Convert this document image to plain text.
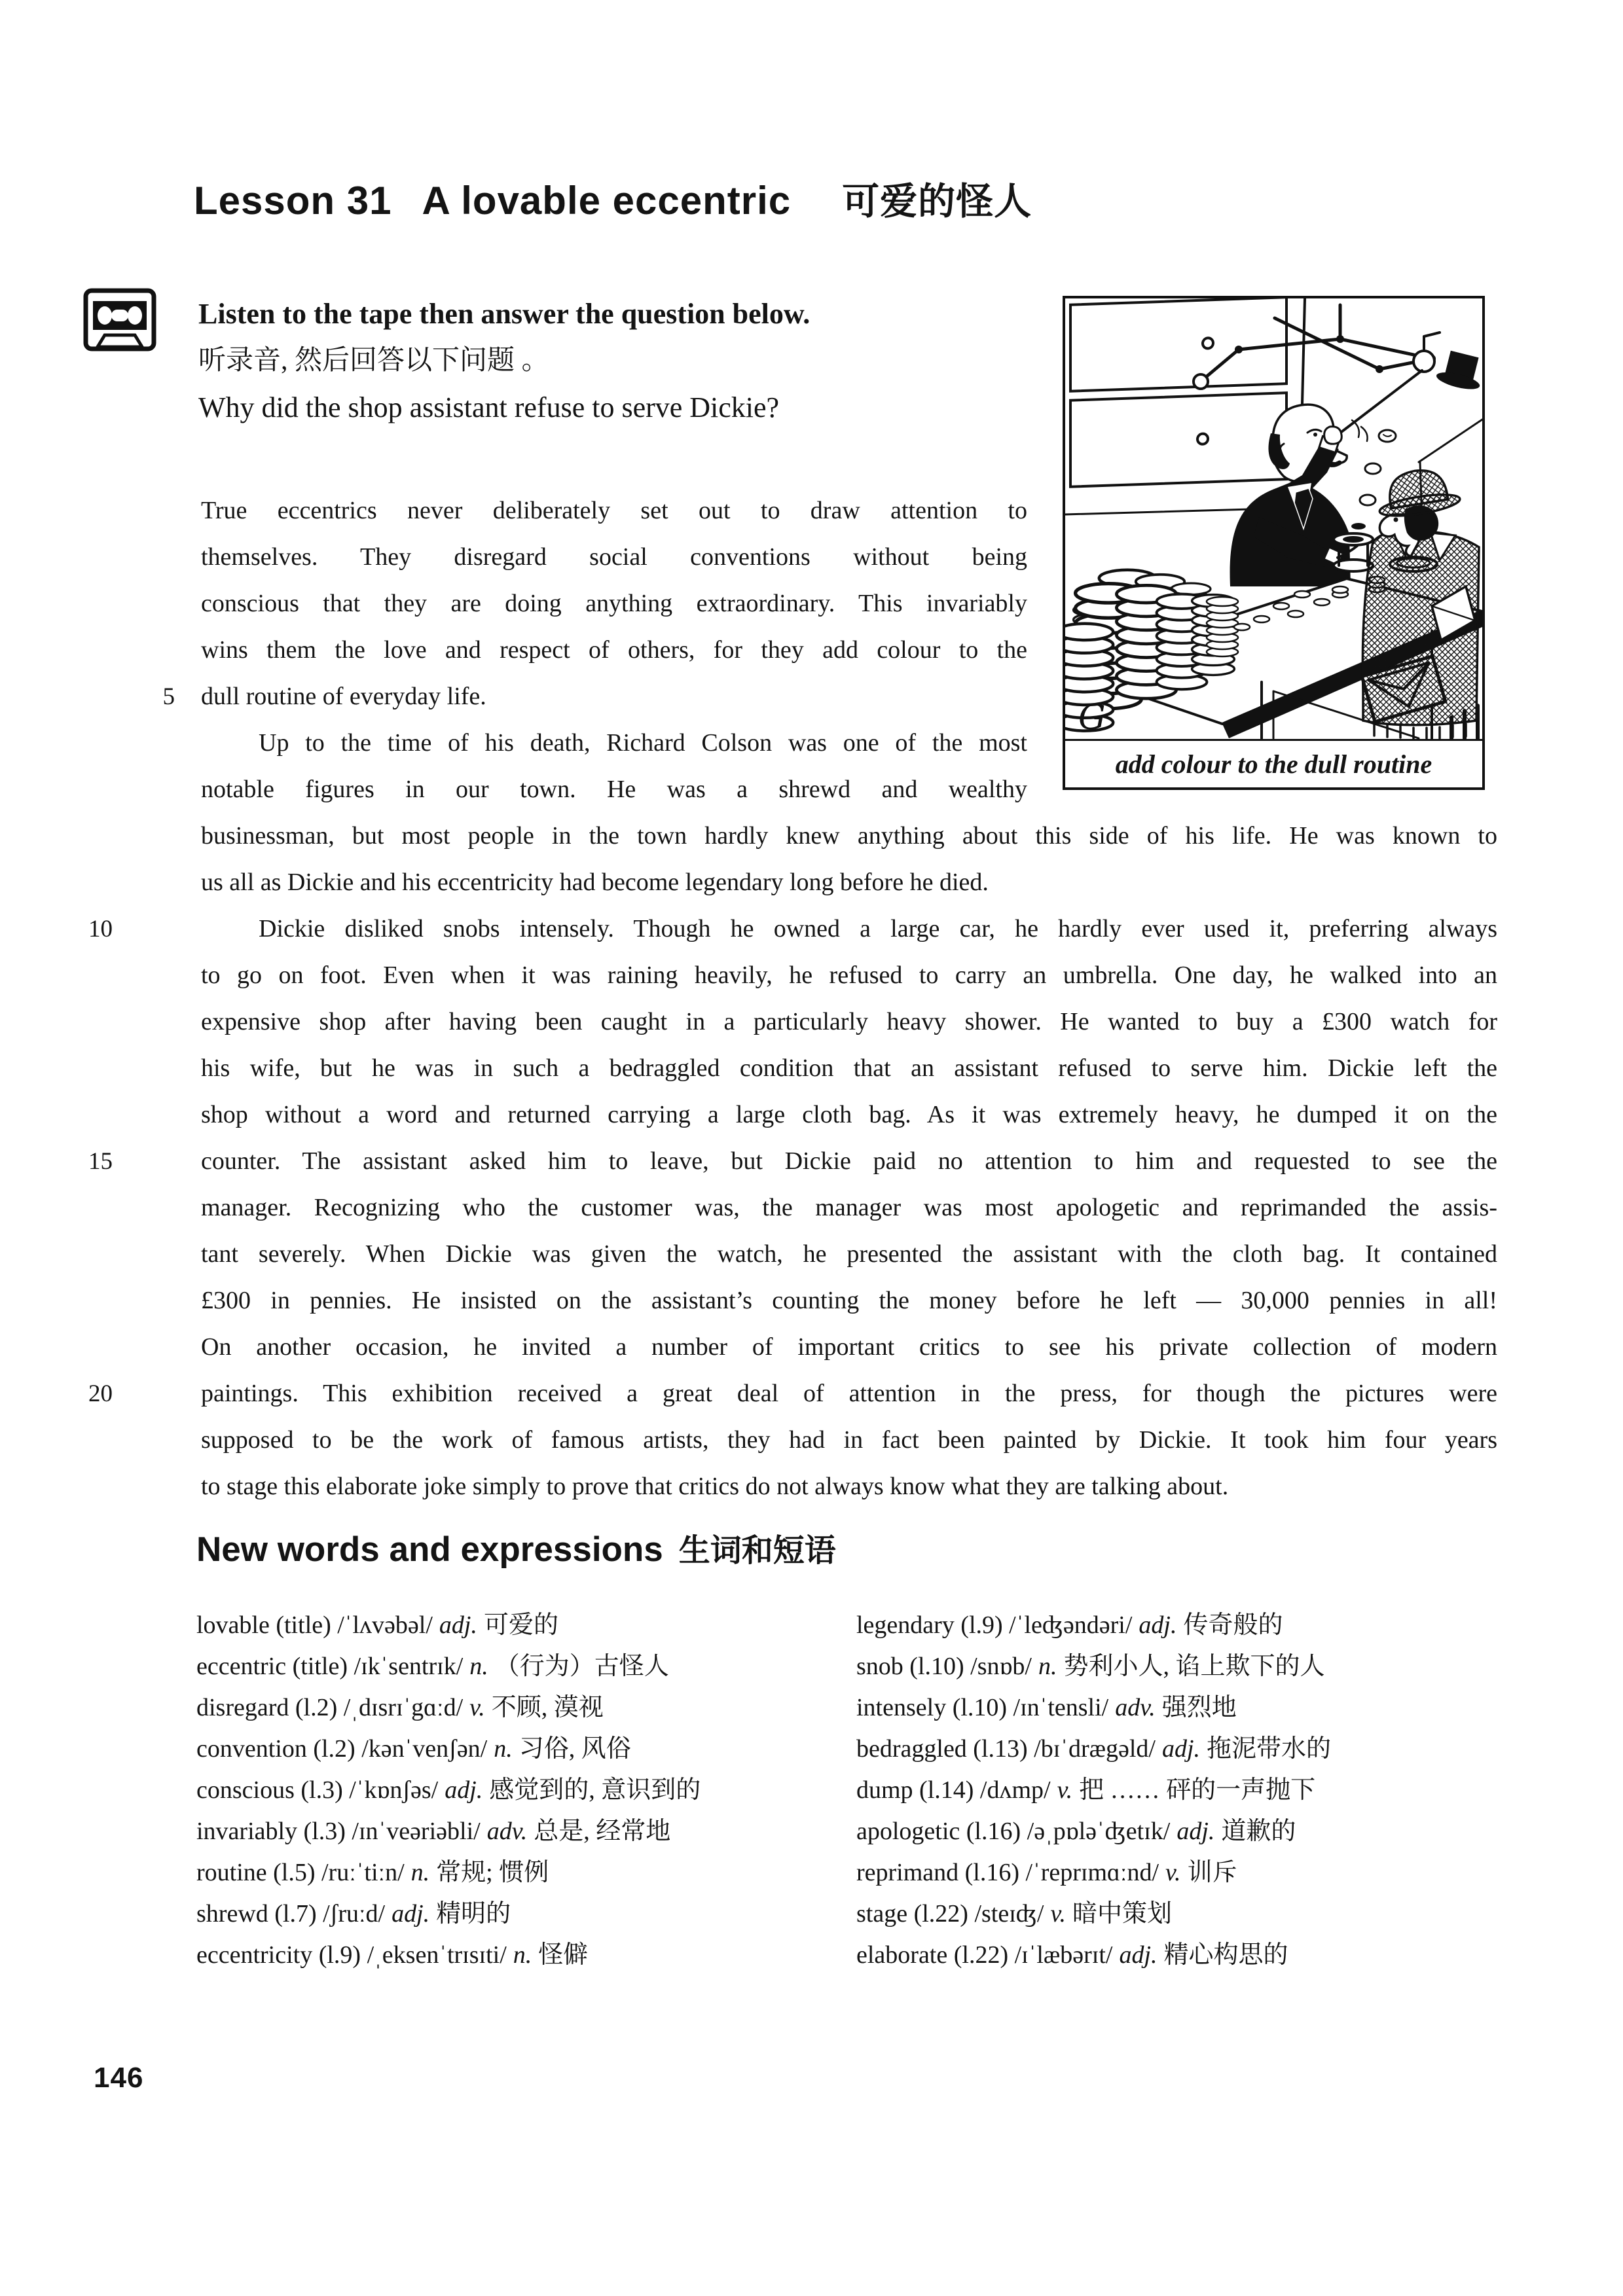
Lesson 31 A lovable eccentric 可爱的怪人
Listen to the tape then answer the question below.
听录音, 然后回答以下问题 。
Why did the shop assistant refuse to serve Dickie?
G
add colour to the dull routine
True eccentrics never deliberately set out to draw attention to
themselves. They disregard social conventions without being
conscious that they are doing anything extraordinary. This invariably
wins them the love and respect of others, for they add colour to the
5 dull routine of everyday life.
Up to the time of his death, Richard Colson was one of the most
notable figures in our town. He was a shrewd and wealthy
businessman, but most people in the town hardly knew anything about this side of his life. He was known to
us all as Dickie and his eccentricity had become legendary long before he died.
10	Dickie disliked snobs intensely. Though he owned a large car, he hardly ever used it, preferring always
to go on foot. Even when it was raining heavily, he refused to carry an umbrella. One day, he walked into an
expensive shop after having been caught in a particularly heavy shower. He wanted to buy a £300 watch for
his wife, but he was in such a bedraggled condition that an assistant refused to serve him. Dickie left the
shop without a word and returned carrying a large cloth bag. As it was extremely heavy, he dumped it on the
15	counter. The assistant asked him to leave, but Dickie paid no attention to him and requested to see the
manager. Recognizing who the customer was, the manager was most apologetic and reprimanded the assis-
tant severely. When Dickie was given the watch, he presented the assistant with the cloth bag. It contained
£300 in pennies. He insisted on the assistant’s counting the money before he left — 30,000 pennies in all!
On another occasion, he invited a number of important critics to see his private collection of modern
20	paintings. This exhibition received a great deal of attention in the press, for though the pictures were
supposed to be the work of famous artists, they had in fact been painted by Dickie. It took him four years
to stage this elaborate joke simply to prove that critics do not always know what they are talking about.
New words and expressions 生词和短语
lovable (title) /ˈlʌvəbəl/ adj. 可爱的
eccentric (title) /ɪkˈsentrɪk/ n. （行为）古怪人
disregard (l.2) /ˌdɪsrɪˈgɑːd/ v. 不顾, 漠视
convention (l.2) /kənˈvenʃən/ n. 习俗, 风俗
conscious (l.3) /ˈkɒnʃəs/ adj. 感觉到的, 意识到的
invariably (l.3) /ɪnˈveəriəbli/ adv. 总是, 经常地
routine (l.5) /ruːˈtiːn/ n. 常规; 惯例
shrewd (l.7) /ʃruːd/ adj. 精明的
eccentricity (l.9) /ˌeksenˈtrɪsɪti/ n. 怪僻
legendary (l.9) /ˈleʤəndəri/ adj. 传奇般的
snob (l.10) /snɒb/ n. 势利小人, 谄上欺下的人
intensely (l.10) /ɪnˈtensli/ adv. 强烈地
bedraggled (l.13) /bɪˈdrægəld/ adj. 拖泥带水的
dump (l.14) /dʌmp/ v. 把 …… 砰的一声抛下
apologetic (l.16) /əˌpɒləˈʤetɪk/ adj. 道歉的
reprimand (l.16) /ˈreprɪmɑːnd/ v. 训斥
stage (l.22) /steɪʤ/ v. 暗中策划
elaborate (l.22) /ɪˈlæbərɪt/ adj. 精心构思的
146
